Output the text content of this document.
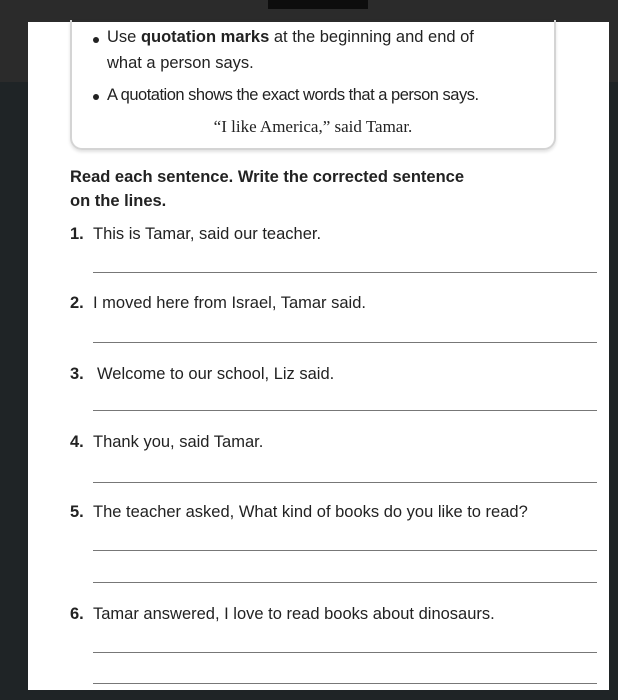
Use quotation marks at the beginning and end of
what a person says.
A quotation shows the exact words that a person says.
“I like America,” said Tamar.
Read each sentence. Write the corrected sentence
on the lines.
1. This is Tamar, said our teacher.
2. I moved here from Israel, Tamar said.
3. Welcome to our school, Liz said.
4. Thank you, said Tamar.
5. The teacher asked, What kind of books do you like to read?
6. Tamar answered, I love to read books about dinosaurs.
